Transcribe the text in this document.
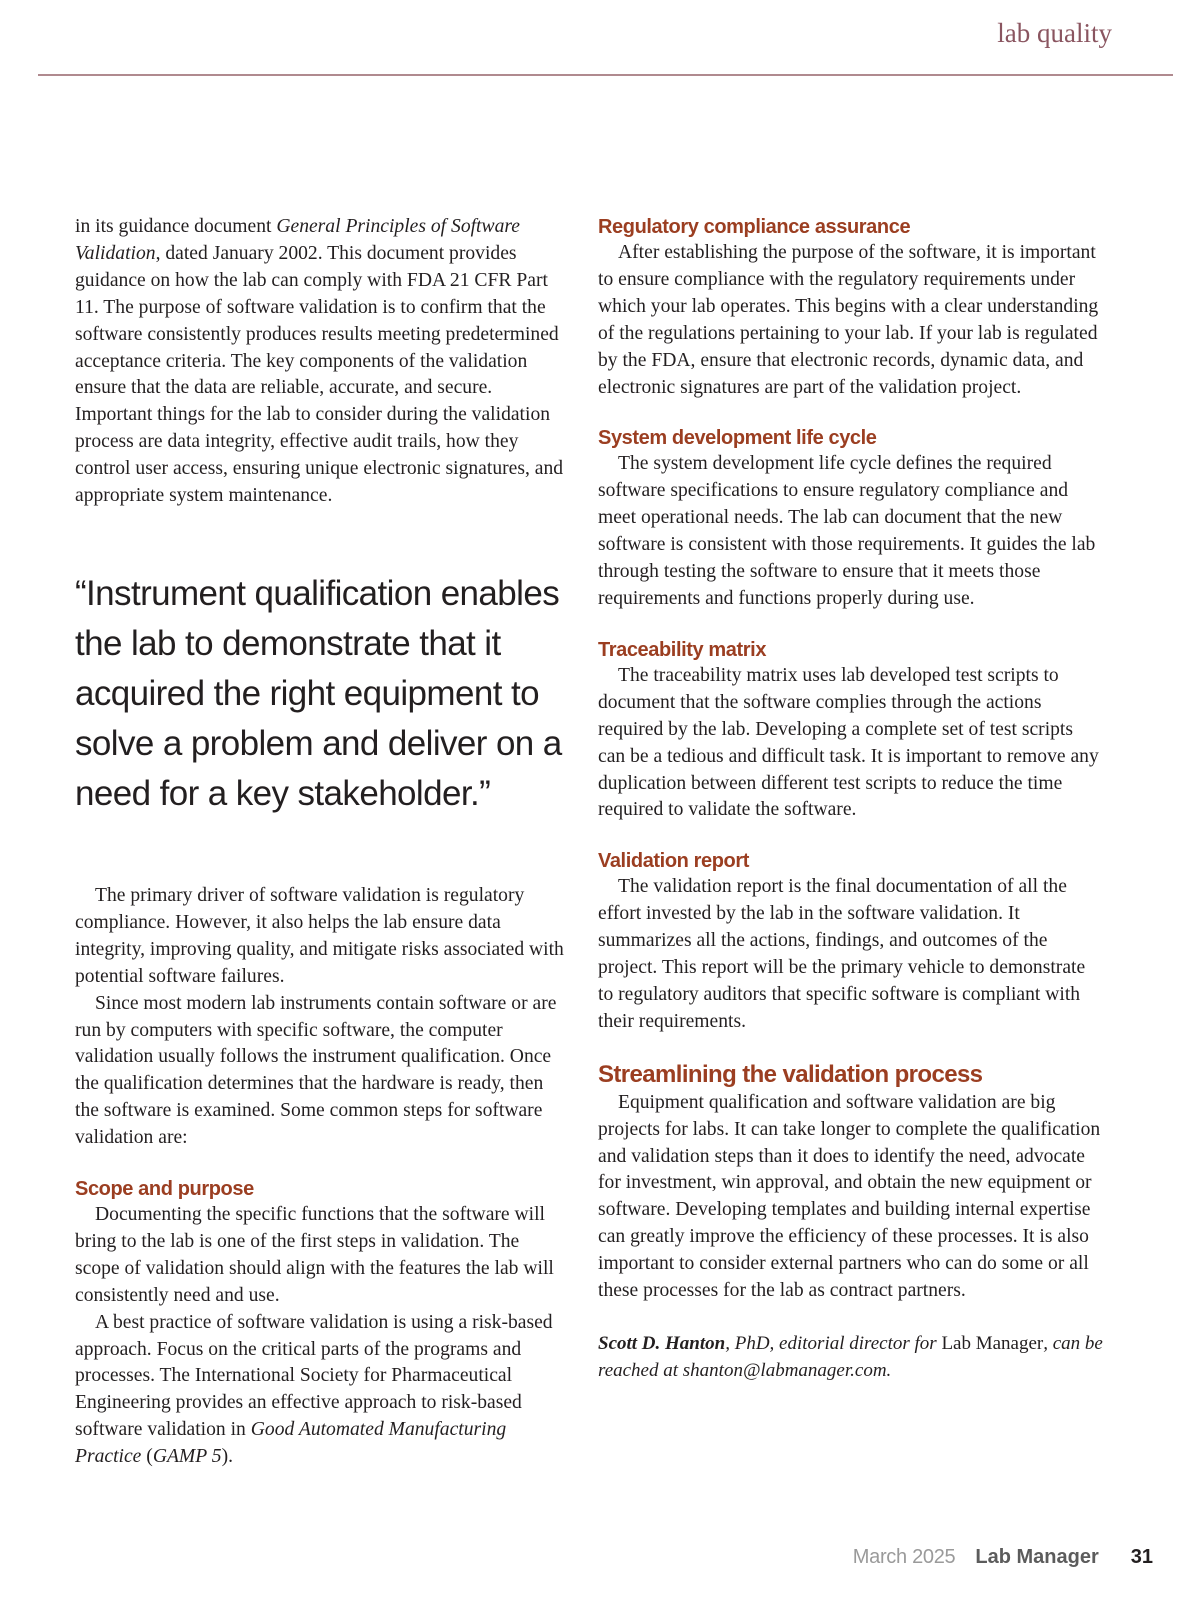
lab quality

in its guidance document General Principles of Software Validation, dated January 2002. This document provides guidance on how the lab can comply with FDA 21 CFR Part 11. The purpose of software validation is to confirm that the software consistently produces results meeting predetermined acceptance criteria. The key components of the validation ensure that the data are reliable, accurate, and secure. Important things for the lab to consider during the validation process are data integrity, effective audit trails, how they control user access, ensuring unique electronic signatures, and appropriate system maintenance.

“Instrument qualification enables the lab to demonstrate that it acquired the right equipment to solve a problem and deliver on a need for a key stakeholder.”

The primary driver of software validation is regulatory compliance. However, it also helps the lab ensure data integrity, improving quality, and mitigate risks associated with potential software failures.

Since most modern lab instruments contain software or are run by computers with specific software, the computer validation usually follows the instrument qualification. Once the qualification determines that the hardware is ready, then the software is examined. Some common steps for software validation are:

Scope and purpose

Documenting the specific functions that the software will bring to the lab is one of the first steps in validation. The scope of validation should align with the features the lab will consistently need and use.

A best practice of software validation is using a risk-based approach. Focus on the critical parts of the programs and processes. The International Society for Pharmaceutical Engineering provides an effective approach to risk-based software validation in Good Automated Manufacturing Practice (GAMP 5).

Regulatory compliance assurance

After establishing the purpose of the software, it is important to ensure compliance with the regulatory requirements under which your lab operates. This begins with a clear understanding of the regulations pertaining to your lab. If your lab is regulated by the FDA, ensure that electronic records, dynamic data, and electronic signatures are part of the validation project.

System development life cycle

The system development life cycle defines the required software specifications to ensure regulatory compliance and meet operational needs. The lab can document that the new software is consistent with those requirements. It guides the lab through testing the software to ensure that it meets those requirements and functions properly during use.

Traceability matrix

The traceability matrix uses lab developed test scripts to document that the software complies through the actions required by the lab. Developing a complete set of test scripts can be a tedious and difficult task. It is important to remove any duplication between different test scripts to reduce the time required to validate the software.

Validation report

The validation report is the final documentation of all the effort invested by the lab in the software validation. It summarizes all the actions, findings, and outcomes of the project. This report will be the primary vehicle to demonstrate to regulatory auditors that specific software is compliant with their requirements.

Streamlining the validation process

Equipment qualification and software validation are big projects for labs. It can take longer to complete the qualification and validation steps than it does to identify the need, advocate for investment, win approval, and obtain the new equipment or software. Developing templates and building internal expertise can greatly improve the efficiency of these processes. It is also important to consider external partners who can do some or all these processes for the lab as contract partners.

Scott D. Hanton, PhD, editorial director for Lab Manager, can be reached at shanton@labmanager.com.

March 2025 Lab Manager 31
